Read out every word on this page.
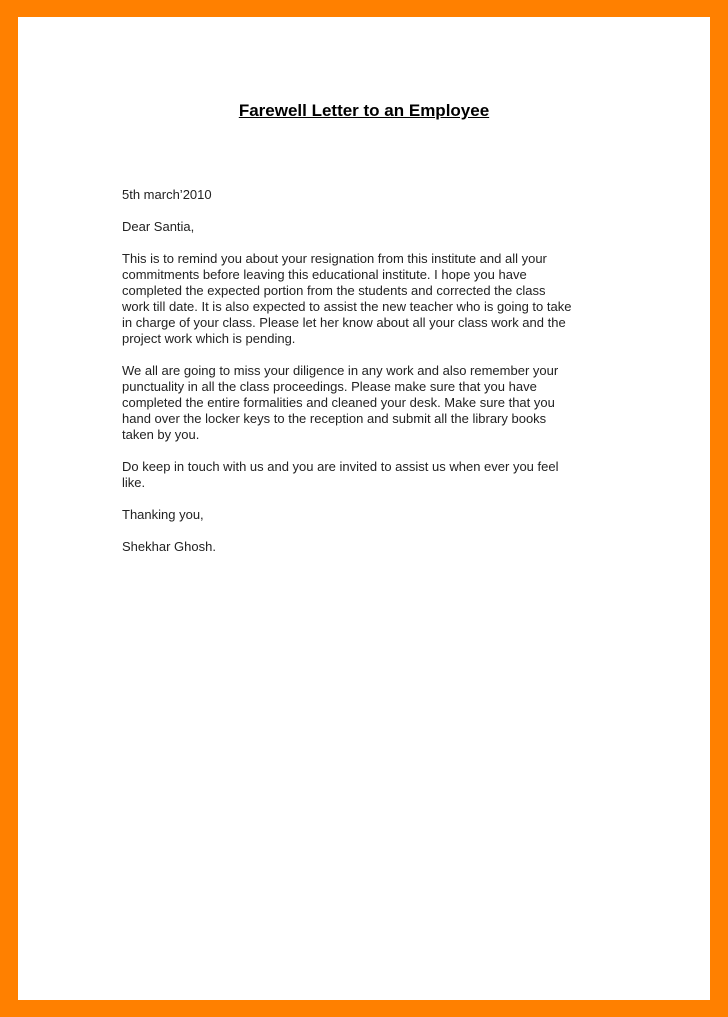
Farewell Letter to an Employee

5th march’2010

Dear Santia,

This is to remind you about your resignation from this institute and all your
commitments before leaving this educational institute. I hope you have
completed the expected portion from the students and corrected the class
work till date. It is also expected to assist the new teacher who is going to take
in charge of your class. Please let her know about all your class work and the
project work which is pending.

We all are going to miss your diligence in any work and also remember your
punctuality in all the class proceedings. Please make sure that you have
completed the entire formalities and cleaned your desk. Make sure that you
hand over the locker keys to the reception and submit all the library books
taken by you.

Do keep in touch with us and you are invited to assist us when ever you feel
like.

Thanking you,

Shekhar Ghosh.
